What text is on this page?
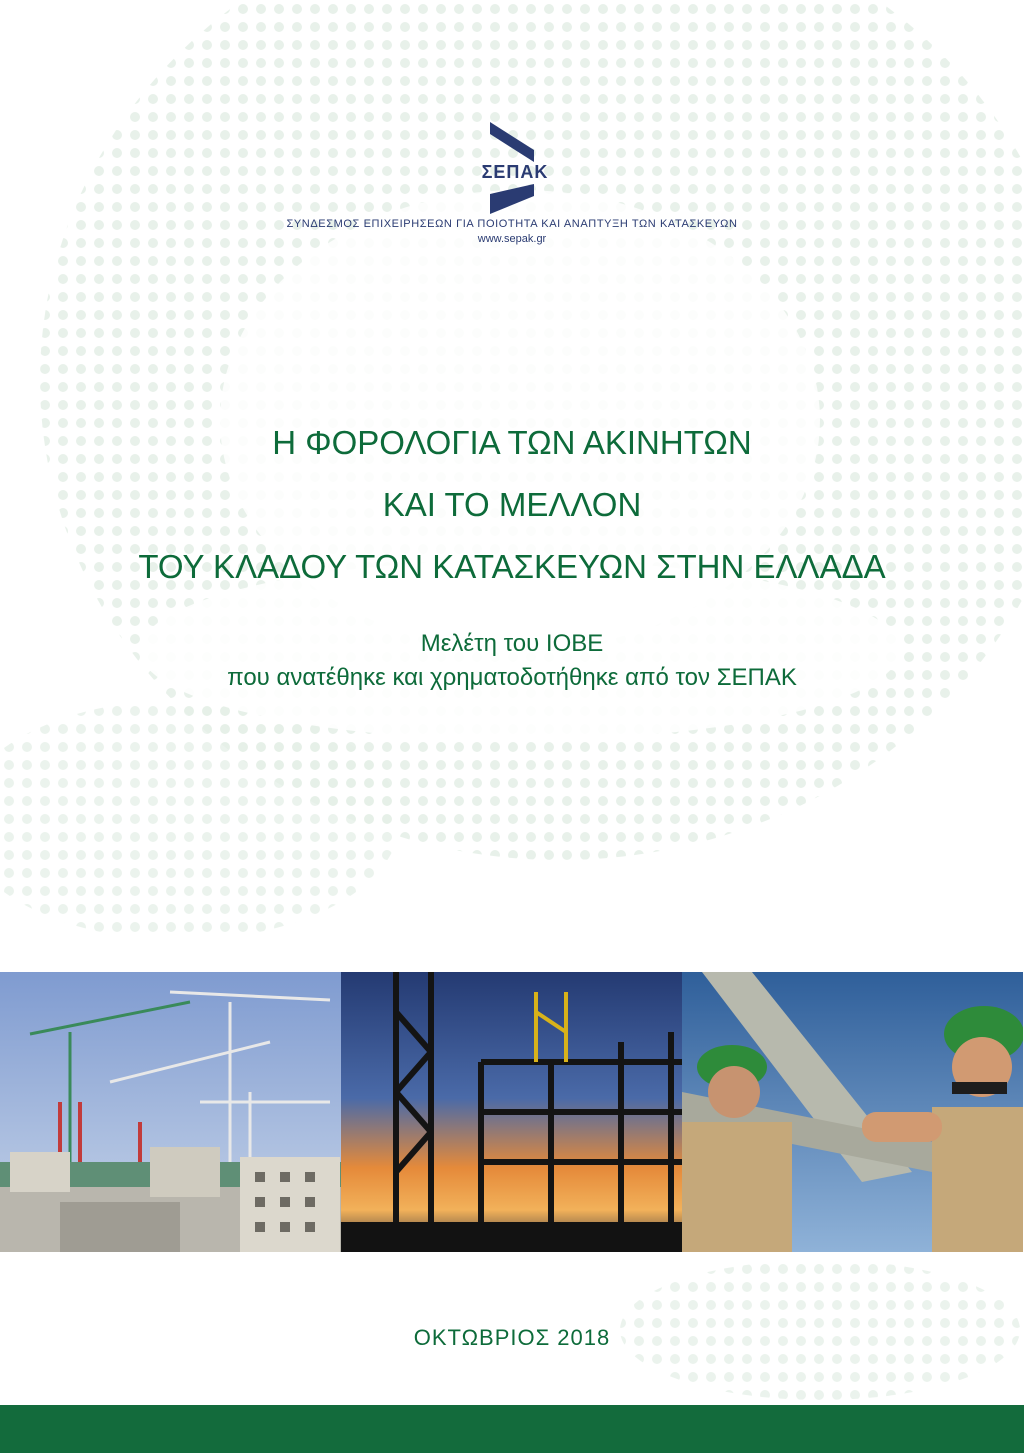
ΣΕΠΑΚ
ΣΥΝΔΕΣΜΟΣ ΕΠΙΧΕΙΡΗΣΕΩΝ ΓΙΑ ΠΟΙΟΤΗΤΑ ΚΑΙ ΑΝΑΠΤΥΞΗ ΤΩΝ ΚΑΤΑΣΚΕΥΩΝ
www.sepak.gr
Η ΦΟΡΟΛΟΓΙΑ ΤΩΝ ΑΚΙΝΗΤΩΝ
ΚΑΙ ΤΟ ΜΕΛΛΟΝ
ΤΟΥ ΚΛΑΔΟΥ ΤΩΝ ΚΑΤΑΣΚΕΥΩΝ ΣΤΗΝ ΕΛΛΑΔΑ
Μελέτη του ΙΟΒΕ
που ανατέθηκε και χρηματοδοτήθηκε από τον ΣΕΠΑΚ
ΟΚΤΩΒΡΙΟΣ 2018
